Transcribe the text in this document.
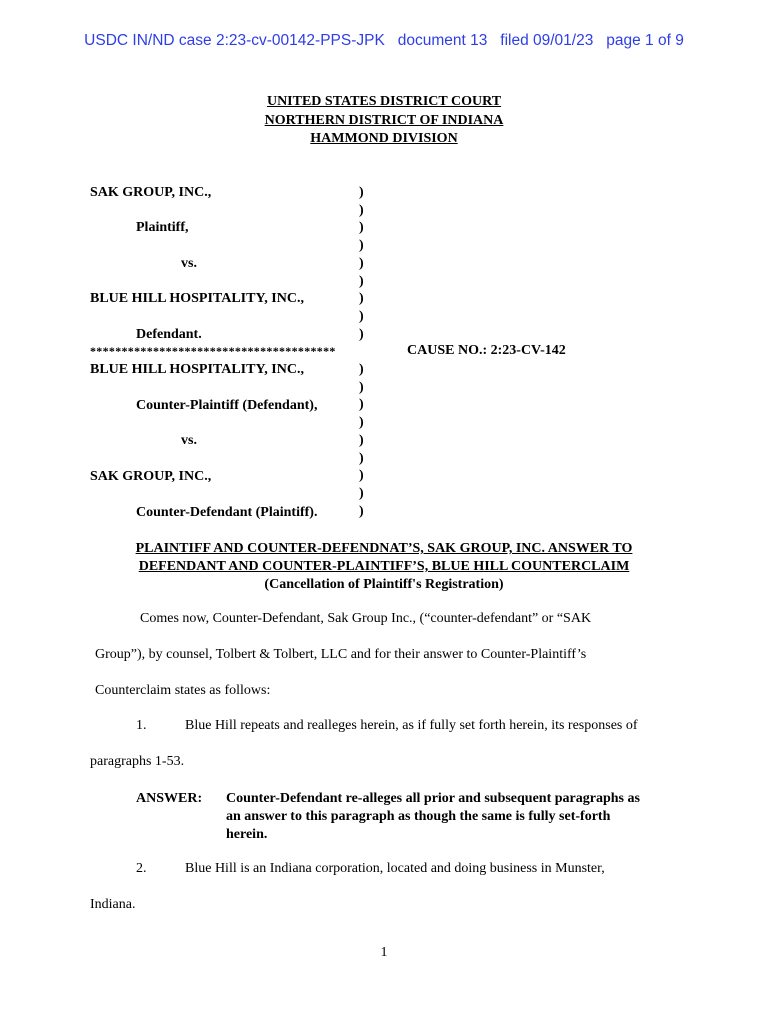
USDC IN/ND case 2:23-cv-00142-PPS-JPK   document 13   filed 09/01/23   page 1 of 9
UNITED STATES DISTRICT COURT
NORTHERN DISTRICT OF INDIANA
HAMMOND DIVISION
SAK GROUP, INC.,
Plaintiff,
vs.
BLUE HILL HOSPITALITY, INC.,
Defendant.
***************************************
BLUE HILL HOSPITALITY, INC.,
Counter-Plaintiff (Defendant),
vs.
SAK GROUP, INC.,
Counter-Defendant (Plaintiff).
)
)
)
)
)
)
)
)
)
)
)
)
)
)
)
)
)
)
CAUSE NO.: 2:23-CV-142
PLAINTIFF AND COUNTER-DEFENDNAT’S, SAK GROUP, INC. ANSWER TO
DEFENDANT AND COUNTER-PLAINTIFF’S, BLUE HILL COUNTERCLAIM
(Cancellation of Plaintiff's Registration)
Comes now, Counter-Defendant, Sak Group Inc., (“counter-defendant” or “SAK
Group”), by counsel, Tolbert & Tolbert, LLC and for their answer to Counter-Plaintiff’s
Counterclaim states as follows:
1.	Blue Hill repeats and realleges herein, as if fully set forth herein, its responses of
paragraphs 1-53.
ANSWER: Counter-Defendant re-alleges all prior and subsequent paragraphs as
an answer to this paragraph as though the same is fully set-forth
herein.
2.	Blue Hill is an Indiana corporation, located and doing business in Munster,
Indiana.
1
